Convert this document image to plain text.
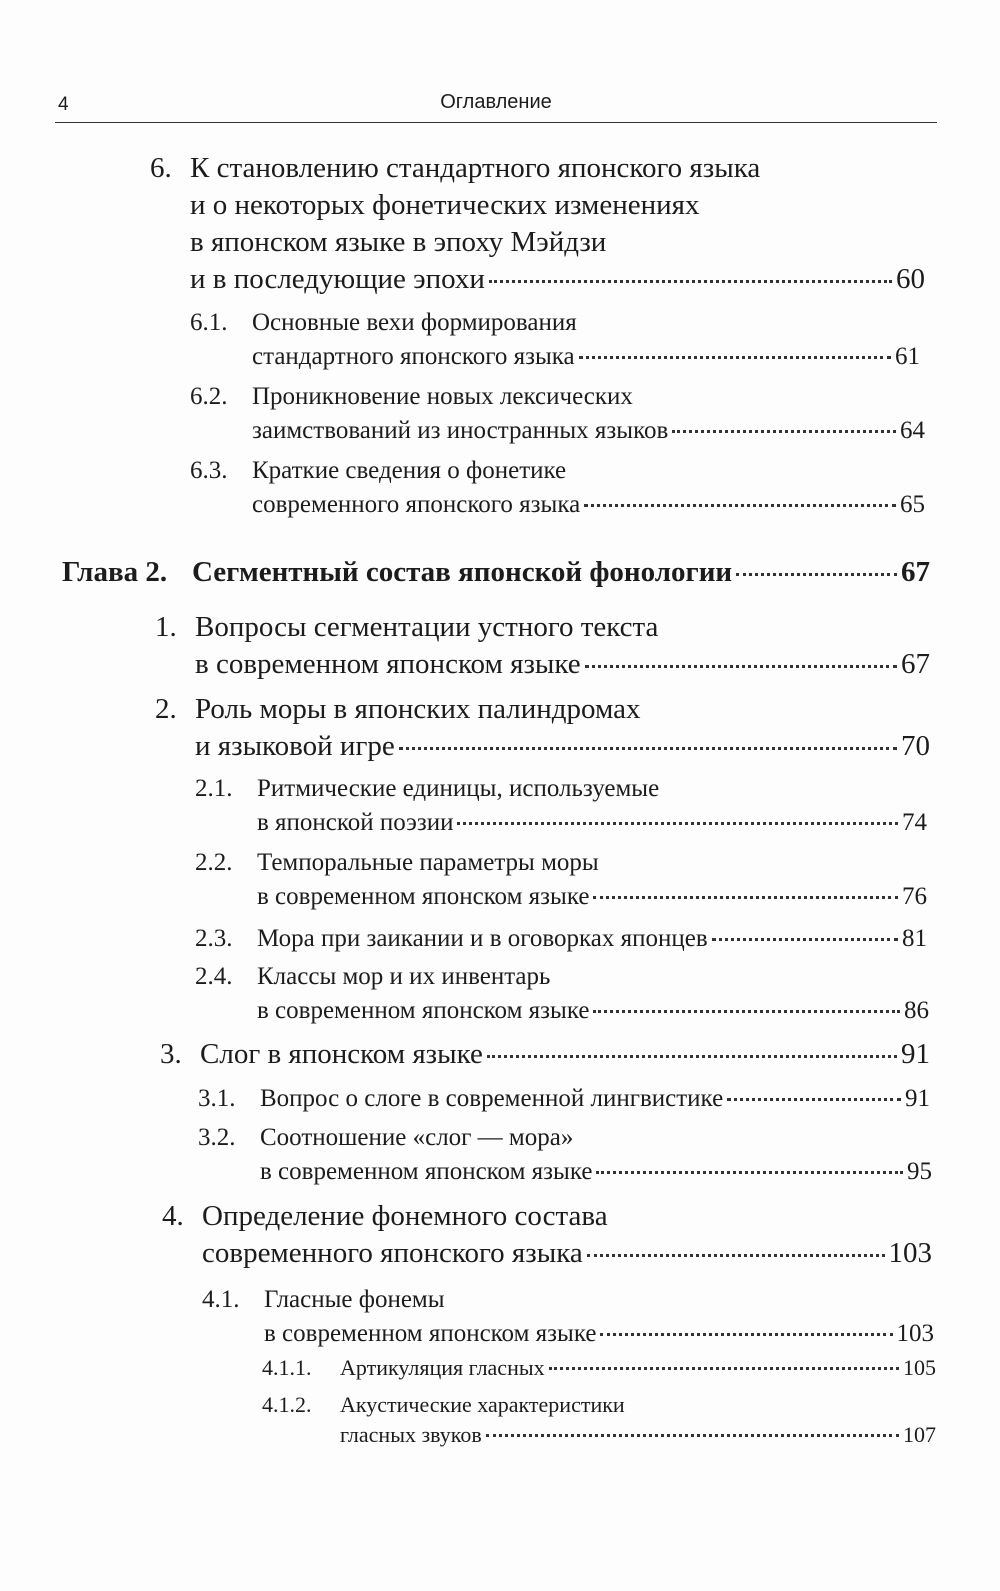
4	Оглавление
6. К становлению стандартного японского языка
и о некоторых фонетических изменениях
в японском языке в эпоху Мэйдзи
и в последующие эпохи	60
6.1. Основные вехи формирования
стандартного японского языка	61
6.2. Проникновение новых лексических
заимствований из иностранных языков	64
6.3. Краткие сведения о фонетике
современного японского языка	65
Глава 2. Сегментный состав японской фонологии	67
1. Вопросы сегментации устного текста
в современном японском языке	67
2. Роль моры в японских палиндромах
и языковой игре	70
2.1. Ритмические единицы, используемые
в японской поэзии	74
2.2. Темпоральные параметры моры
в современном японском языке	76
2.3. Мора при заикании и в оговорках японцев	81
2.4. Классы мор и их инвентарь
в современном японском языке	86
3. Слог в японском языке	91
3.1. Вопрос о слоге в современной лингвистике	91
3.2. Соотношение «слог — мора»
в современном японском языке	95
4. Определение фонемного состава
современного японского языка	103
4.1. Гласные фонемы
в современном японском языке	103
4.1.1.	Артикуляция гласных	105
4.1.2.	Акустические характеристики
гласных звуков	107
